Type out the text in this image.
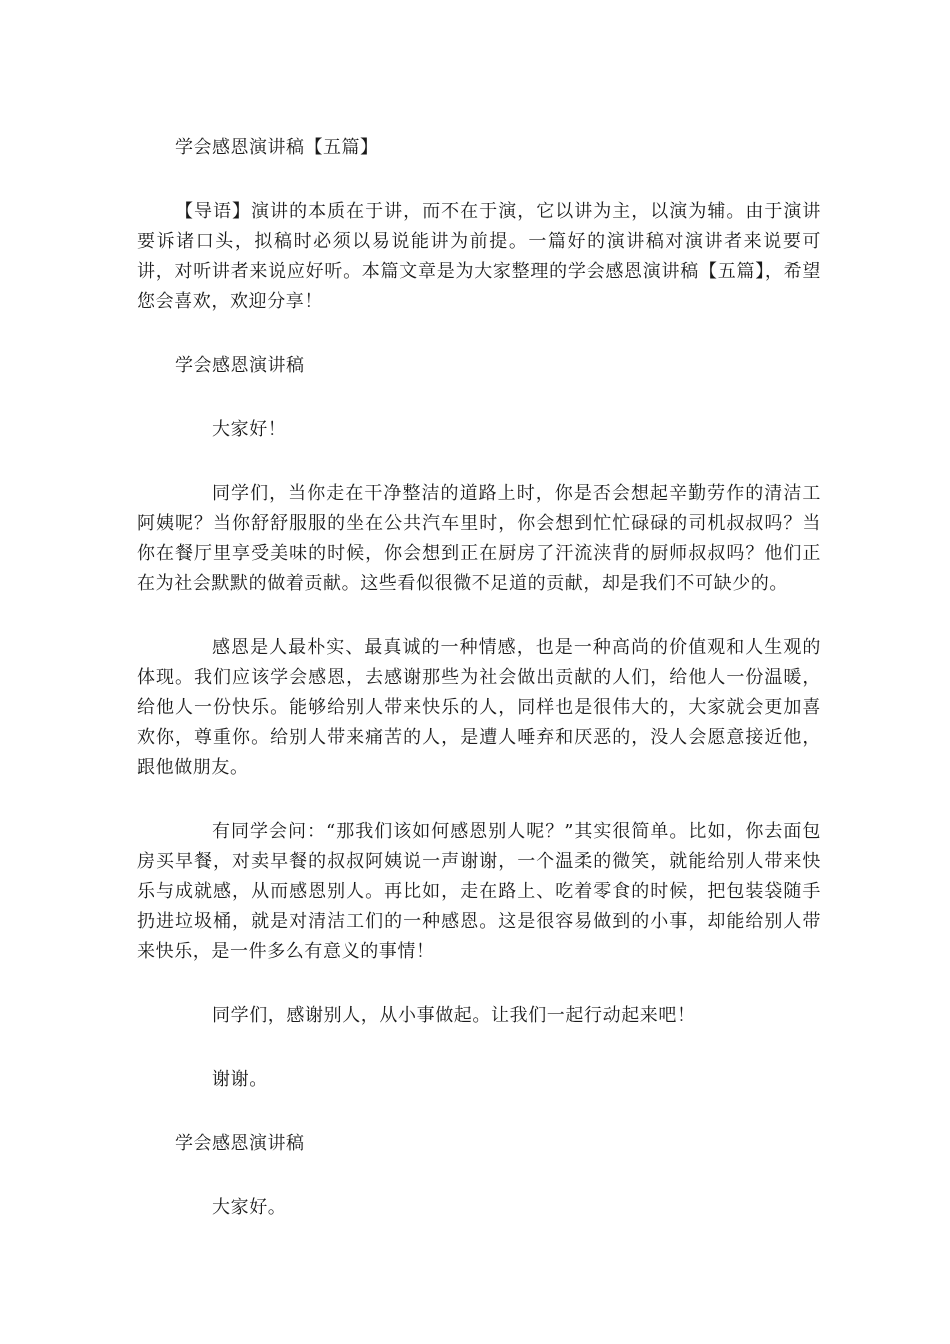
学会感恩演讲稿【五篇】

【导语】演讲的本质在于讲，而不在于演，它以讲为主，以演为辅。由于演讲要诉诸口头，拟稿时必须以易说能讲为前提。一篇好的演讲稿对演讲者来说要可讲，对听讲者来说应好听。本篇文章是为大家整理的学会感恩演讲稿【五篇】，希望您会喜欢，欢迎分享！

学会感恩演讲稿

大家好！

同学们，当你走在干净整洁的道路上时，你是否会想起辛勤劳作的清洁工阿姨呢？当你舒舒服服的坐在公共汽车里时，你会想到忙忙碌碌的司机叔叔吗？当你在餐厅里享受美味的时候，你会想到正在厨房了汗流浃背的厨师叔叔吗？他们正在为社会默默的做着贡献。这些看似很微不足道的贡献，却是我们不可缺少的。

感恩是人最朴实、最真诚的一种情感，也是一种高尚的价值观和人生观的体现。我们应该学会感恩，去感谢那些为社会做出贡献的人们，给他人一份温暖，给他人一份快乐。能够给别人带来快乐的人，同样也是很伟大的，大家就会更加喜欢你，尊重你。给别人带来痛苦的人，是遭人唾弃和厌恶的，没人会愿意接近他，跟他做朋友。

有同学会问：“那我们该如何感恩别人呢？”其实很简单。比如，你去面包房买早餐，对卖早餐的叔叔阿姨说一声谢谢，一个温柔的微笑，就能给别人带来快乐与成就感，从而感恩别人。再比如，走在路上、吃着零食的时候，把包装袋随手扔进垃圾桶，就是对清洁工们的一种感恩。这是很容易做到的小事，却能给别人带来快乐，是一件多么有意义的事情！

同学们，感谢别人，从小事做起。让我们一起行动起来吧！

谢谢。

学会感恩演讲稿

大家好。
